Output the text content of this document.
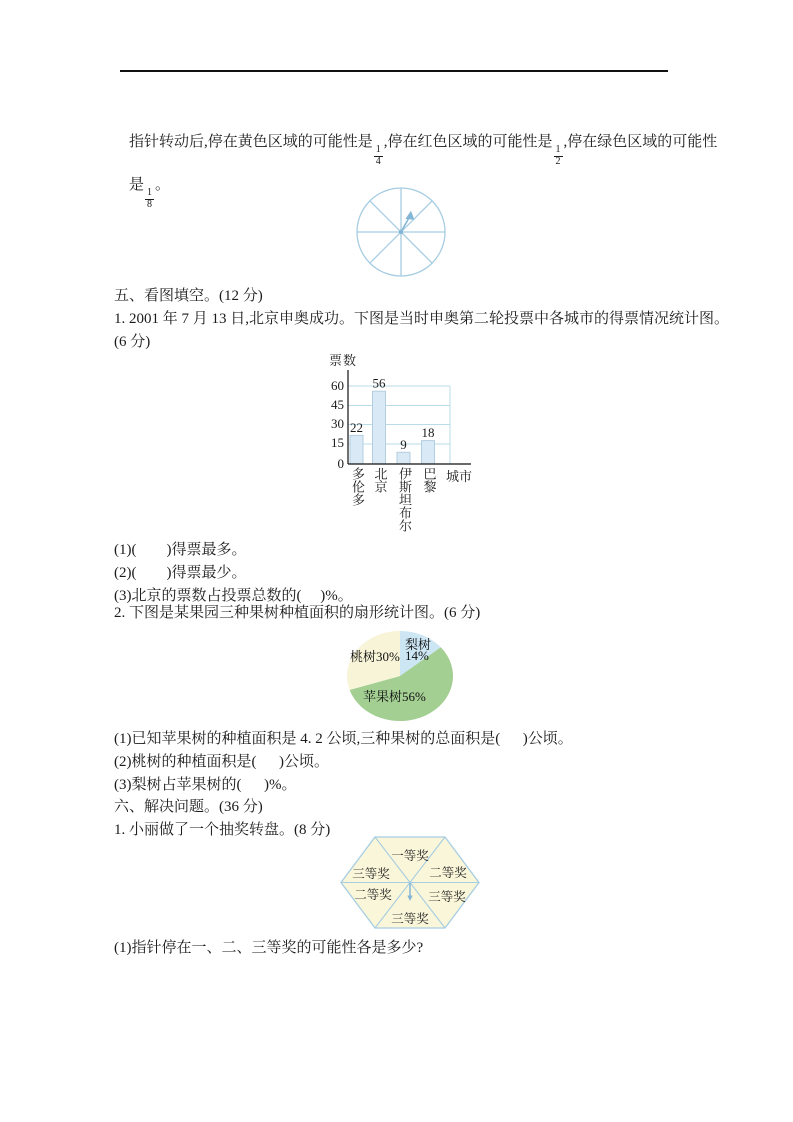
指针转动后,停在黄色区域的可能性是
$\frac{1}{4}$
,停在红色区域的可能性是
$\frac{1}{2}$
,停在绿色区域的可能性

是
$\frac{1}{8}$
。

五、看图填空。(12 分)
1. 2001 年 7 月 13 日,北京申奥成功。下图是当时申奥第二轮投票中各城市的得票情况统计图。
(6 分)
票数
22
56
9
18
60
45
30
15
0
多伦多 北京 伊斯坦布尔 巴黎 城市
(1)(        )得票最多。
(2)(        )得票最少。
(3)北京的票数占投票总数的(     )%。
2. 下图是某果园三种果树种植面积的扇形统计图。(6 分)
桃树30%
梨树
14%
苹果树56%
(1)已知苹果树的种植面积是 4. 2 公顷,三种果树的总面积是(      )公顷。
(2)桃树的种植面积是(      )公顷。
(3)梨树占苹果树的(      )%。
六、解决问题。(36 分)
1. 小丽做了一个抽奖转盘。(8 分)
一等奖
三等奖	二等奖
二等奖	三等奖
三等奖
(1)指针停在一、二、三等奖的可能性各是多少?
